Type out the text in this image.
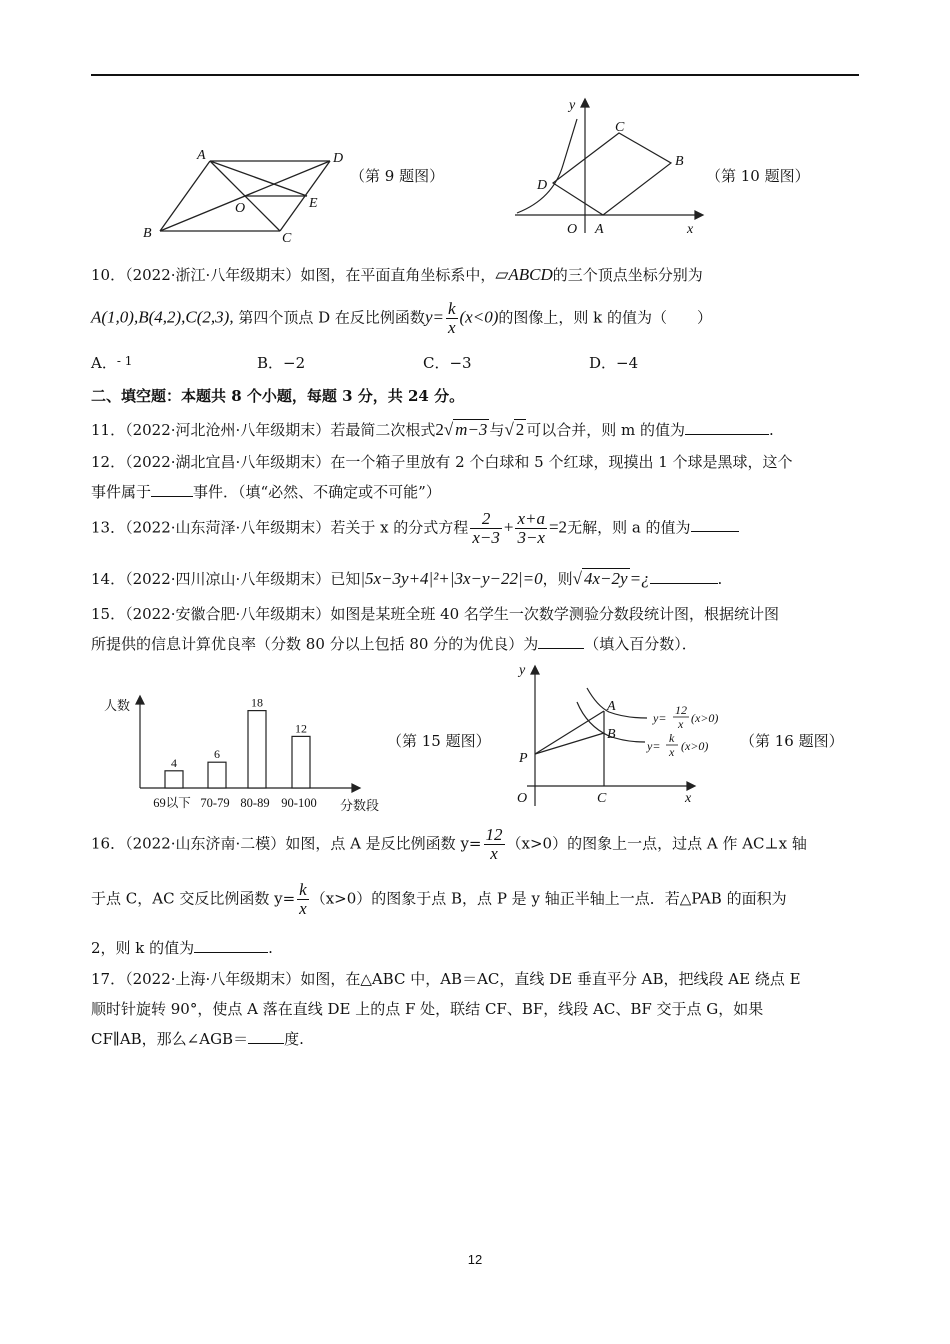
A	D
O	E
B	C
（第 9 题图）
y
C
B
D
O A	x
（第 10 题图）
10．（2022·浙江·八年级期末）如图，在平面直角坐标系中，▱ABCD的三个顶点坐标分别为
A(1,0),B(4,2),C(2,3), 第四个顶点 D 在反比例函数$y= \frac{k}{x} (x<0)$的图像上，则 k 的值为（　　）
A．$^{- 1}$	B．−2	C．−3	D．−4
二、填空题：本题共 8 个小题，每题 3 分，共 24 分。
11．（2022·河北沧州·八年级期末）若最简二次根式2√ m−3 与√ 2 可以合并，则 m 的值为	.
12．（2022·湖北宜昌·八年级期末）在一个箱子里放有 2 个白球和 5 个红球，现摸出 1 个球是黑球，这个
事件属于	事件．（填“必然、不确定或不可能”）
13．（2022·山东菏泽·八年级期末）若关于 x 的分式方程 $\frac{2}{x-3} + \frac{x+a}{3-x} =2$无解，则 a 的值为
14．（2022·四川凉山·八年级期末）已知|5x−3y+4|²+|3x−y−22|=0，则√ 4x−2y =¿	.
15．（2022·安徽合肥·八年级期末）如图是某班全班 40 名学生一次数学测验分数段统计图，根据统计图
所提供的信息计算优良率（分数 80 分以上包括 80 分的为优良）为	（填入百分数）．
人数
分数段
4
69以下
6
70-79
18
80-89
12
90-100
（第 15 题图）
y
A
B
P
O	C	x
y=
12
x (x>0)
y=
k
x (x>0) （第 16 题图）
16．（2022·山东济南·二模）如图，点 A 是反比例函数 $y= \frac{12}{x} (x>0)$的图象上一点，过点 A 作 AC⊥x 轴
于点 C，AC 交反比例函数 $y= \frac{k}{x} (x>0)$的图象于点 B，点 P 是 y 轴正半轴上一点．若△PAB 的面积为
2，则 k 的值为	.
17．（2022·上海·八年级期末）如图，在△ABC 中，AB＝AC，直线 DE 垂直平分 AB，把线段 AE 绕点 E
顺时针旋转 90°，使点 A 落在直线 DE 上的点 F 处，联结 CF、BF，线段 AC、BF 交于点 G，如果
CF∥AB，那么∠AGB＝ 度.
12
